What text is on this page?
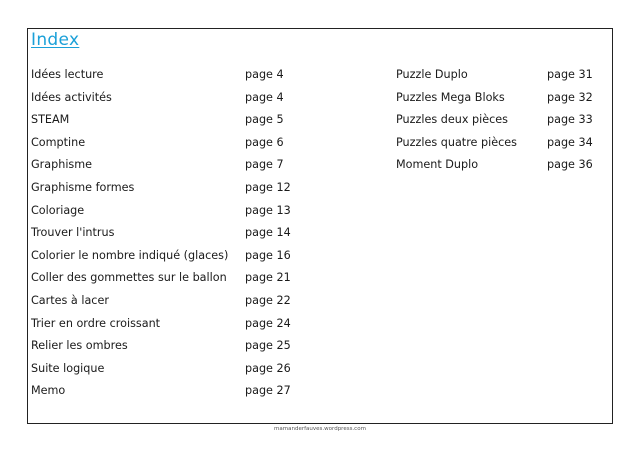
Index
Idées lecture	page 4
Idées activités	page 4
STEAM	page 5
Comptine	page 6
Graphisme	page 7
Graphisme formes	page 12
Coloriage	page 13
Trouver l'intrus	page 14
Colorier le nombre indiqué (glaces) page 16
Coller des gommettes sur le ballon page 21
Cartes à lacer	page 22
Trier en ordre croissant	page 24
Relier les ombres	page 25
Suite logique	page 26
Memo	page 27
Puzzle Duplo	page 31
Puzzles Mega Bloks	page 32
Puzzles deux pièces	page 33
Puzzles quatre pièces	page 34
Moment Duplo	page 36
mamanderfauves.wordpress.com
